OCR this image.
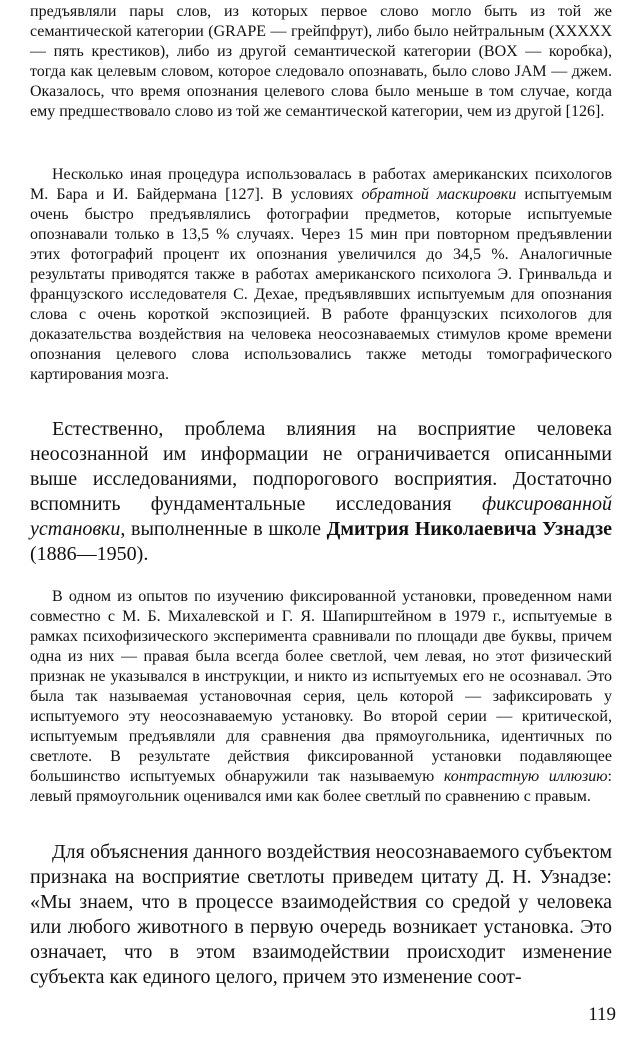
предъявляли пары слов, из которых первое слово могло быть из той же семантической категории (GRAPE — грейпфрут), либо было нейтральным (XXXXX — пять крестиков), либо из другой семантической категории (BOX — коробка), тогда как целевым словом, которое следовало опознавать, было слово JAM — джем. Оказалось, что время опознания целевого слова было меньше в том случае, когда ему предшествовало слово из той же семантической категории, чем из другой [126].

Несколько иная процедура использовалась в работах американских психологов М. Бара и И. Байдермана [127]. В условиях обратной маскировки испытуемым очень быстро предъявлялись фотографии предметов, которые испытуемые опознавали только в 13,5 % случаях. Через 15 мин при повторном предъявлении этих фотографий процент их опознания увеличился до 34,5 %. Аналогичные результаты приводятся также в работах американского психолога Э. Гринвальда и французского исследователя С. Дехае, предъявлявших испытуемым для опознания слова с очень короткой экспозицией. В работе французских психологов для доказательства воздействия на человека неосознаваемых стимулов кроме времени опознания целевого слова использовались также методы томографического картирования мозга.

Естественно, проблема влияния на восприятие человека неосознанной им информации не ограничивается описанными выше исследованиями, подпорогового восприятия. Достаточно вспомнить фундаментальные исследования фиксированной установки, выполненные в школе Дмитрия Николаевича Узнадзе (1886—1950).

В одном из опытов по изучению фиксированной установки, проведенном нами совместно с М. Б. Михалевской и Г. Я. Шапирштейном в 1979 г., испытуемые в рамках психофизического эксперимента сравнивали по площади две буквы, причем одна из них — правая была всегда более светлой, чем левая, но этот физический признак не указывался в инструкции, и никто из испытуемых его не осознавал. Это была так называемая установочная серия, цель которой — зафиксировать у испытуемого эту неосознаваемую установку. Во второй серии — критической, испытуемым предъявляли для сравнения два прямоугольника, идентичных по светлоте. В результате действия фиксированной установки подавляющее большинство испытуемых обнаружили так называемую контрастную иллюзию: левый прямоугольник оценивался ими как более светлый по сравнению с правым.

Для объяснения данного воздействия неосознаваемого субъектом признака на восприятие светлоты приведем цитату Д. Н. Узнадзе: «Мы знаем, что в процессе взаимодействия со средой у человека или любого животного в первую очередь возникает установка. Это означает, что в этом взаимодействии происходит изменение субъекта как единого целого, причем это изменение соот-

119
